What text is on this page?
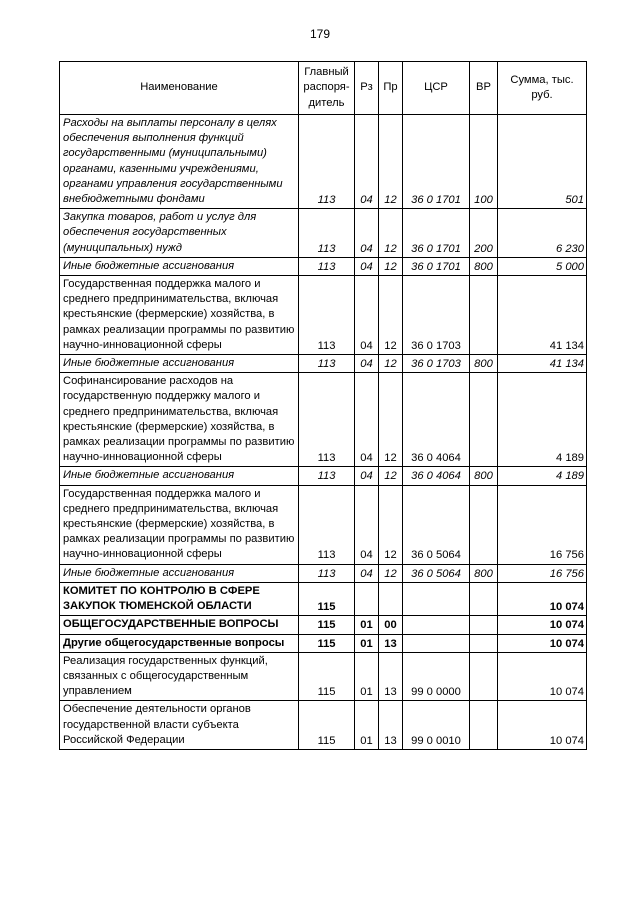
179
Наименование	Главный распоря-дитель	Рз	Пр	ЦСР	ВР	Сумма, тыс. руб.
Расходы на выплаты персоналу в целях обеспечения выполнения функций государственными (муниципальными) органами, казенными учреждениями, органами управления государственными внебюджетными фондами	113	04	12	36 0 1701	100	501
Закупка товаров, работ и услуг для обеспечения государственных (муниципальных) нужд	113	04	12	36 0 1701	200	6 230
Иные бюджетные ассигнования	113	04	12	36 0 1701	800	5 000
Государственная поддержка малого и среднего предпринимательства, включая крестьянские (фермерские) хозяйства, в рамках реализации программы по развитию научно-инновационной сферы	113	04	12	36 0 1703		41 134
Иные бюджетные ассигнования	113	04	12	36 0 1703	800	41 134
Софинансирование расходов на государственную поддержку малого и среднего предпринимательства, включая крестьянские (фермерские) хозяйства, в рамках реализации программы по развитию научно-инновационной сферы	113	04	12	36 0 4064		4 189
Иные бюджетные ассигнования	113	04	12	36 0 4064	800	4 189
Государственная поддержка малого и среднего предпринимательства, включая крестьянские (фермерские) хозяйства, в рамках реализации программы по развитию научно-инновационной сферы	113	04	12	36 0 5064		16 756
Иные бюджетные ассигнования	113	04	12	36 0 5064	800	16 756
КОМИТЕТ ПО КОНТРОЛЮ В СФЕРЕ ЗАКУПОК ТЮМЕНСКОЙ ОБЛАСТИ	115					10 074
ОБЩЕГОСУДАРСТВЕННЫЕ ВОПРОСЫ	115	01	00			10 074
Другие общегосударственные вопросы	115	01	13			10 074
Реализация государственных функций, связанных с общегосударственным управлением	115	01	13	99 0 0000		10 074
Обеспечение деятельности органов государственной власти субъекта Российской Федерации	115	01	13	99 0 0010		10 074
